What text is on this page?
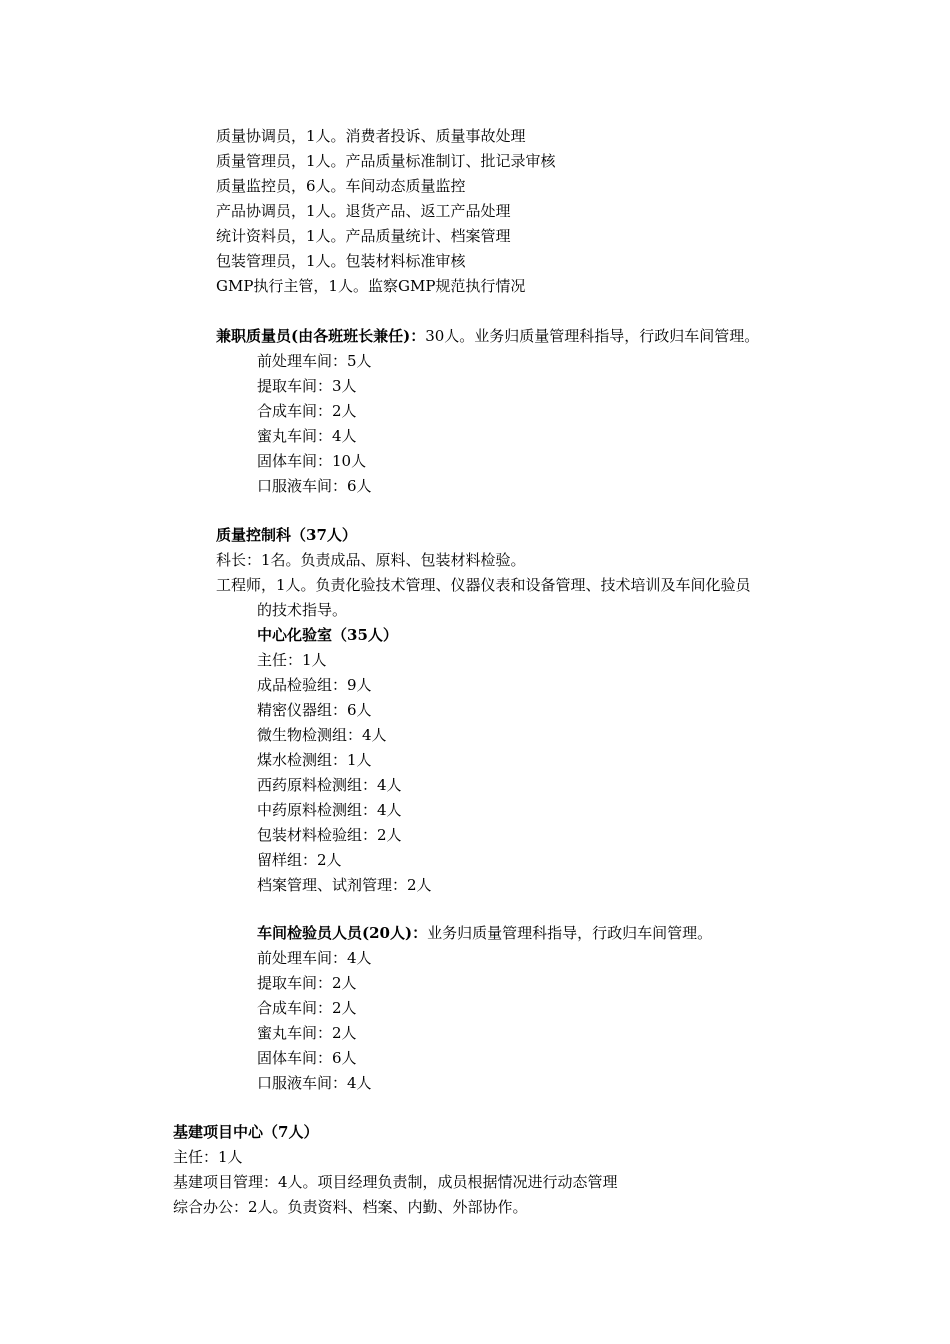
质量协调员，1人。消费者投诉、质量事故处理
质量管理员，1人。产品质量标准制订、批记录审核
质量监控员，6人。车间动态质量监控
产品协调员，1人。退货产品、返工产品处理
统计资料员，1人。产品质量统计、档案管理
包装管理员，1人。包装材料标准审核
GMP执行主管，1人。监察GMP规范执行情况
兼职质量员(由各班班长兼任)：30人。业务归质量管理科指导，行政归车间管理。
前处理车间：5人
提取车间：3人
合成车间：2人
蜜丸车间：4人
固体车间：10人
口服液车间：6人
质量控制科（37人）
科长：1名。负责成品、原料、包装材料检验。
工程师，1人。负责化验技术管理、仪器仪表和设备管理、技术培训及车间化验员
的技术指导。
中心化验室（35人）
主任：1人
成品检验组：9人
精密仪器组：6人
微生物检测组：4人
煤水检测组：1人
西药原料检测组：4人
中药原料检测组：4人
包装材料检验组：2人
留样组：2人
档案管理、试剂管理：2人
车间检验员人员(20人)：业务归质量管理科指导，行政归车间管理。
前处理车间：4人
提取车间：2人
合成车间：2人
蜜丸车间：2人
固体车间：6人
口服液车间：4人
基建项目中心（7人）
主任：1人
基建项目管理：4人。项目经理负责制，成员根据情况进行动态管理
综合办公：2人。负责资料、档案、内勤、外部协作。
